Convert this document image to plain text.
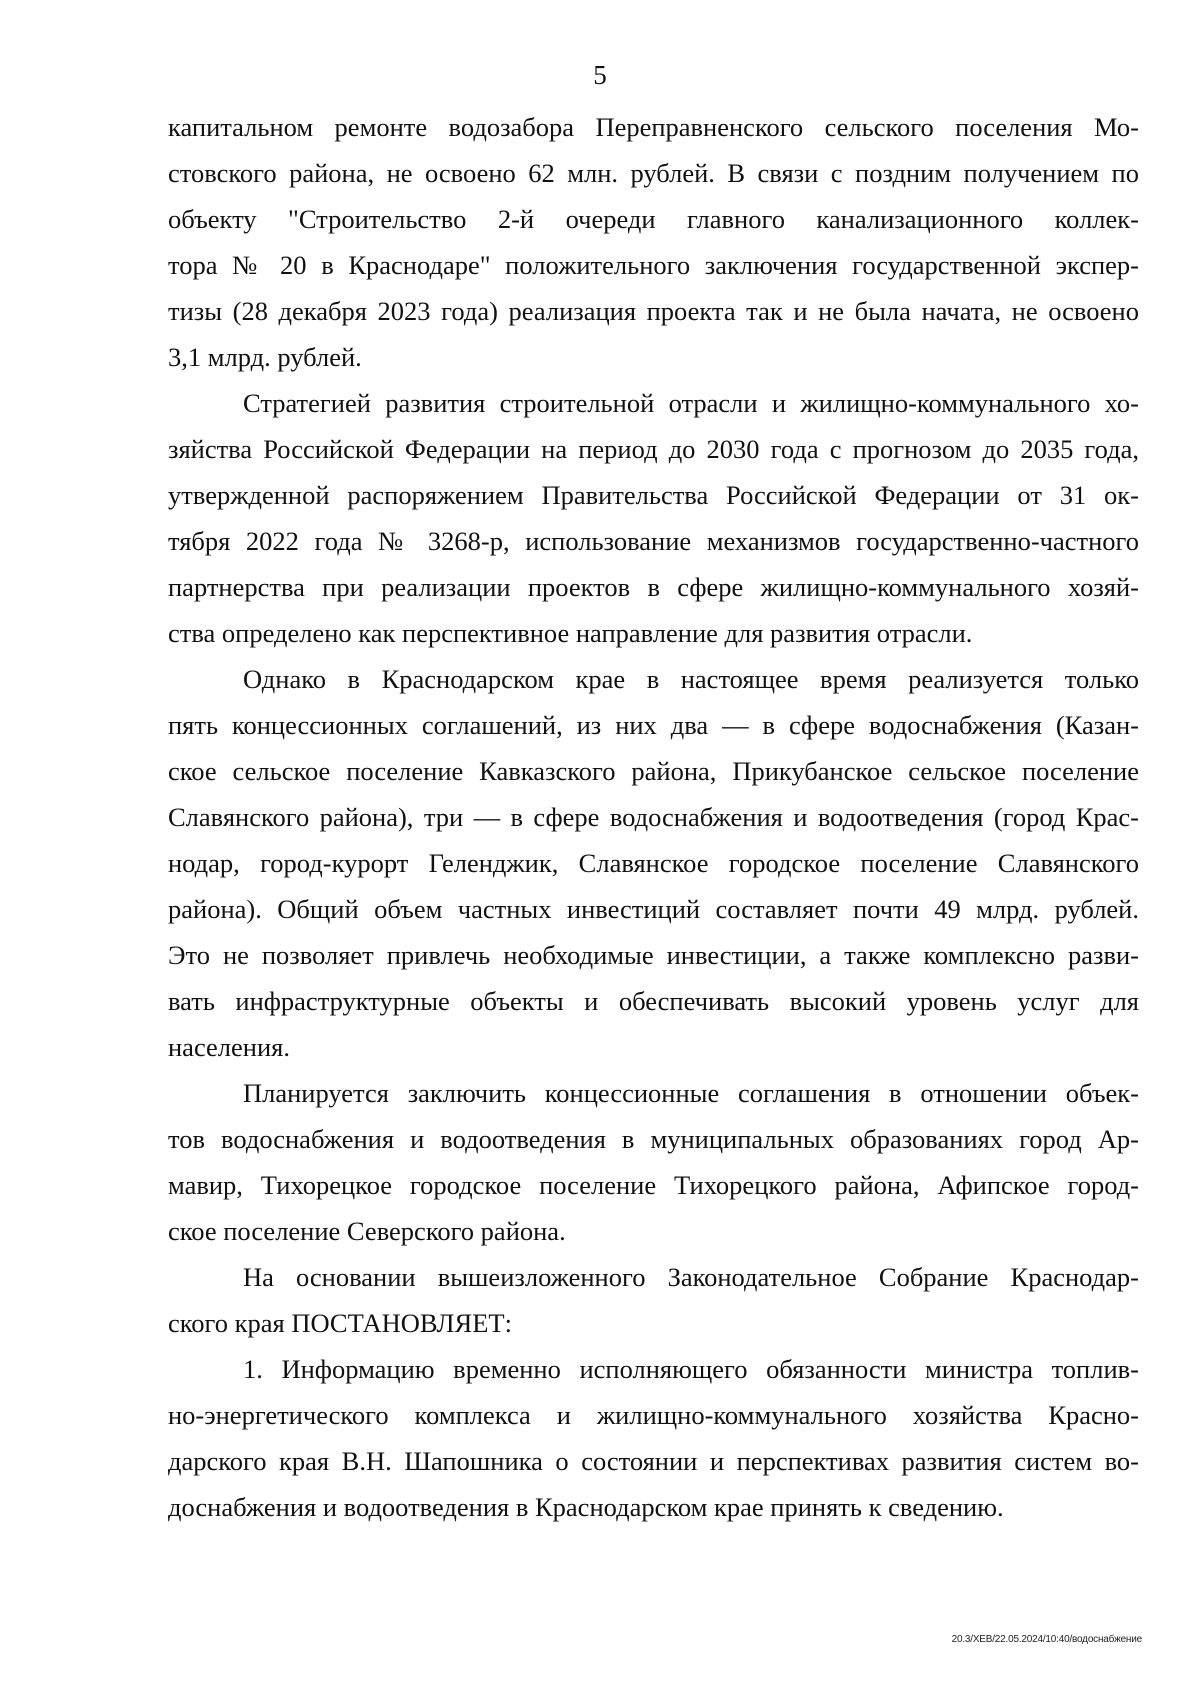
5
капитальном ремонте водозабора Переправненского сельского поселения Мо-
стовского района, не освоено 62 млн. рублей. В связи с поздним получением по
объекту "Строительство 2-й очереди главного канализационного коллек-
тора № 20 в Краснодаре" положительного заключения государственной экспер-
тизы (28 декабря 2023 года) реализация проекта так и не была начата, не освоено
3,1 млрд. рублей.
Стратегией развития строительной отрасли и жилищно-коммунального хо-
зяйства Российской Федерации на период до 2030 года с прогнозом до 2035 года,
утвержденной распоряжением Правительства Российской Федерации от 31 ок-
тября 2022 года № 3268-р, использование механизмов государственно-частного
партнерства при реализации проектов в сфере жилищно-коммунального хозяй-
ства определено как перспективное направление для развития отрасли.
Однако в Краснодарском крае в настоящее время реализуется только
пять концессионных соглашений, из них два — в сфере водоснабжения (Казан-
ское сельское поселение Кавказского района, Прикубанское сельское поселение
Славянского района), три — в сфере водоснабжения и водоотведения (город Крас-
нодар, город-курорт Геленджик, Славянское городское поселение Славянского
района). Общий объем частных инвестиций составляет почти 49 млрд. рублей.
Это не позволяет привлечь необходимые инвестиции, а также комплексно разви-
вать инфраструктурные объекты и обеспечивать высокий уровень услуг для
населения.
Планируется заключить концессионные соглашения в отношении объек-
тов водоснабжения и водоотведения в муниципальных образованиях город Ар-
мавир, Тихорецкое городское поселение Тихорецкого района, Афипское город-
ское поселение Северского района.
На основании вышеизложенного Законодательное Собрание Краснодар-
ского края ПОСТАНОВЛЯЕТ:
1. Информацию временно исполняющего обязанности министра топлив-
но-энергетического комплекса и жилищно-коммунального хозяйства Красно-
дарского края В.Н. Шапошника о состоянии и перспективах развития систем во-
доснабжения и водоотведения в Краснодарском крае принять к сведению.
20.3/XEB/22.05.2024/10:40/водоснабжение
